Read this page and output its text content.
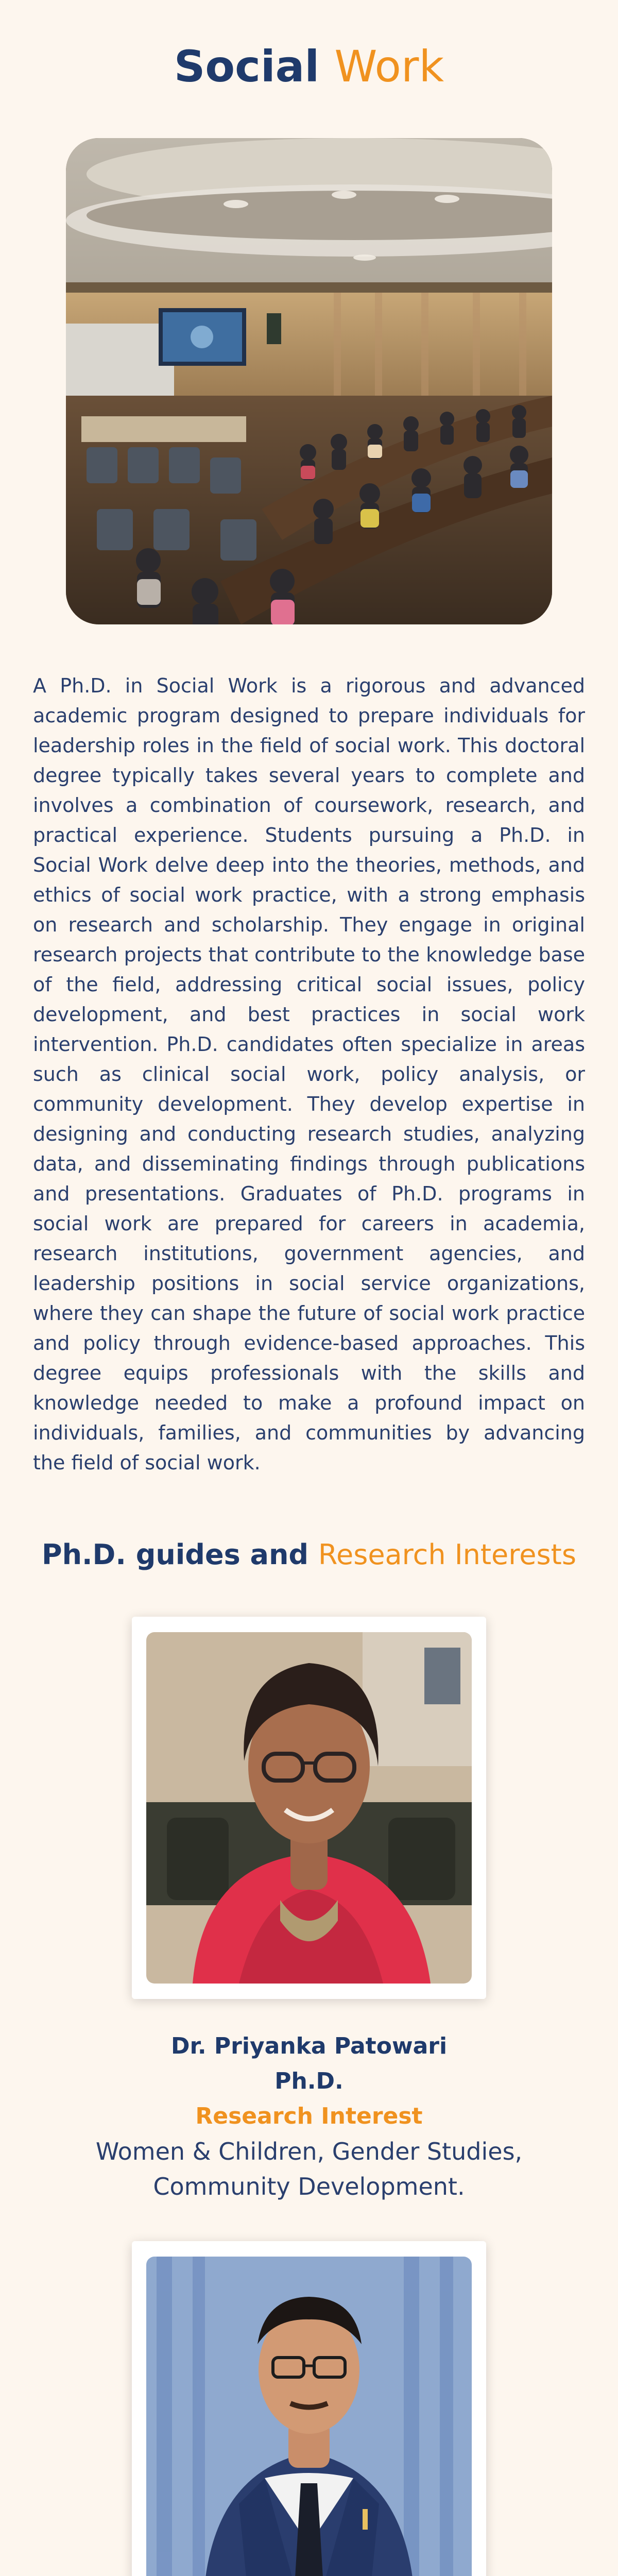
Social Work

A Ph.D. in Social Work is a rigorous and advanced academic program designed to prepare individuals for leadership roles in the field of social work. This doctoral degree typically takes several years to complete and involves a combination of coursework, research, and practical experience. Students pursuing a Ph.D. in Social Work delve deep into the theories, methods, and ethics of social work practice, with a strong emphasis on research and scholarship. They engage in original research projects that contribute to the knowledge base of the field, addressing critical social issues, policy development, and best practices in social work intervention. Ph.D. candidates often specialize in areas such as clinical social work, policy analysis, or community development. They develop expertise in designing and conducting research studies, analyzing data, and disseminating findings through publications and presentations. Graduates of Ph.D. programs in social work are prepared for careers in academia, research institutions, government agencies, and leadership positions in social service organizations, where they can shape the future of social work practice and policy through evidence-based approaches. This degree equips professionals with the skills and knowledge needed to make a profound impact on individuals, families, and communities by advancing the field of social work.

Ph.D. guides and Research Interests
Dr. Priyanka Patowari
Ph.D.
Research Interest
Women & Children, Gender Studies, Community Development.
